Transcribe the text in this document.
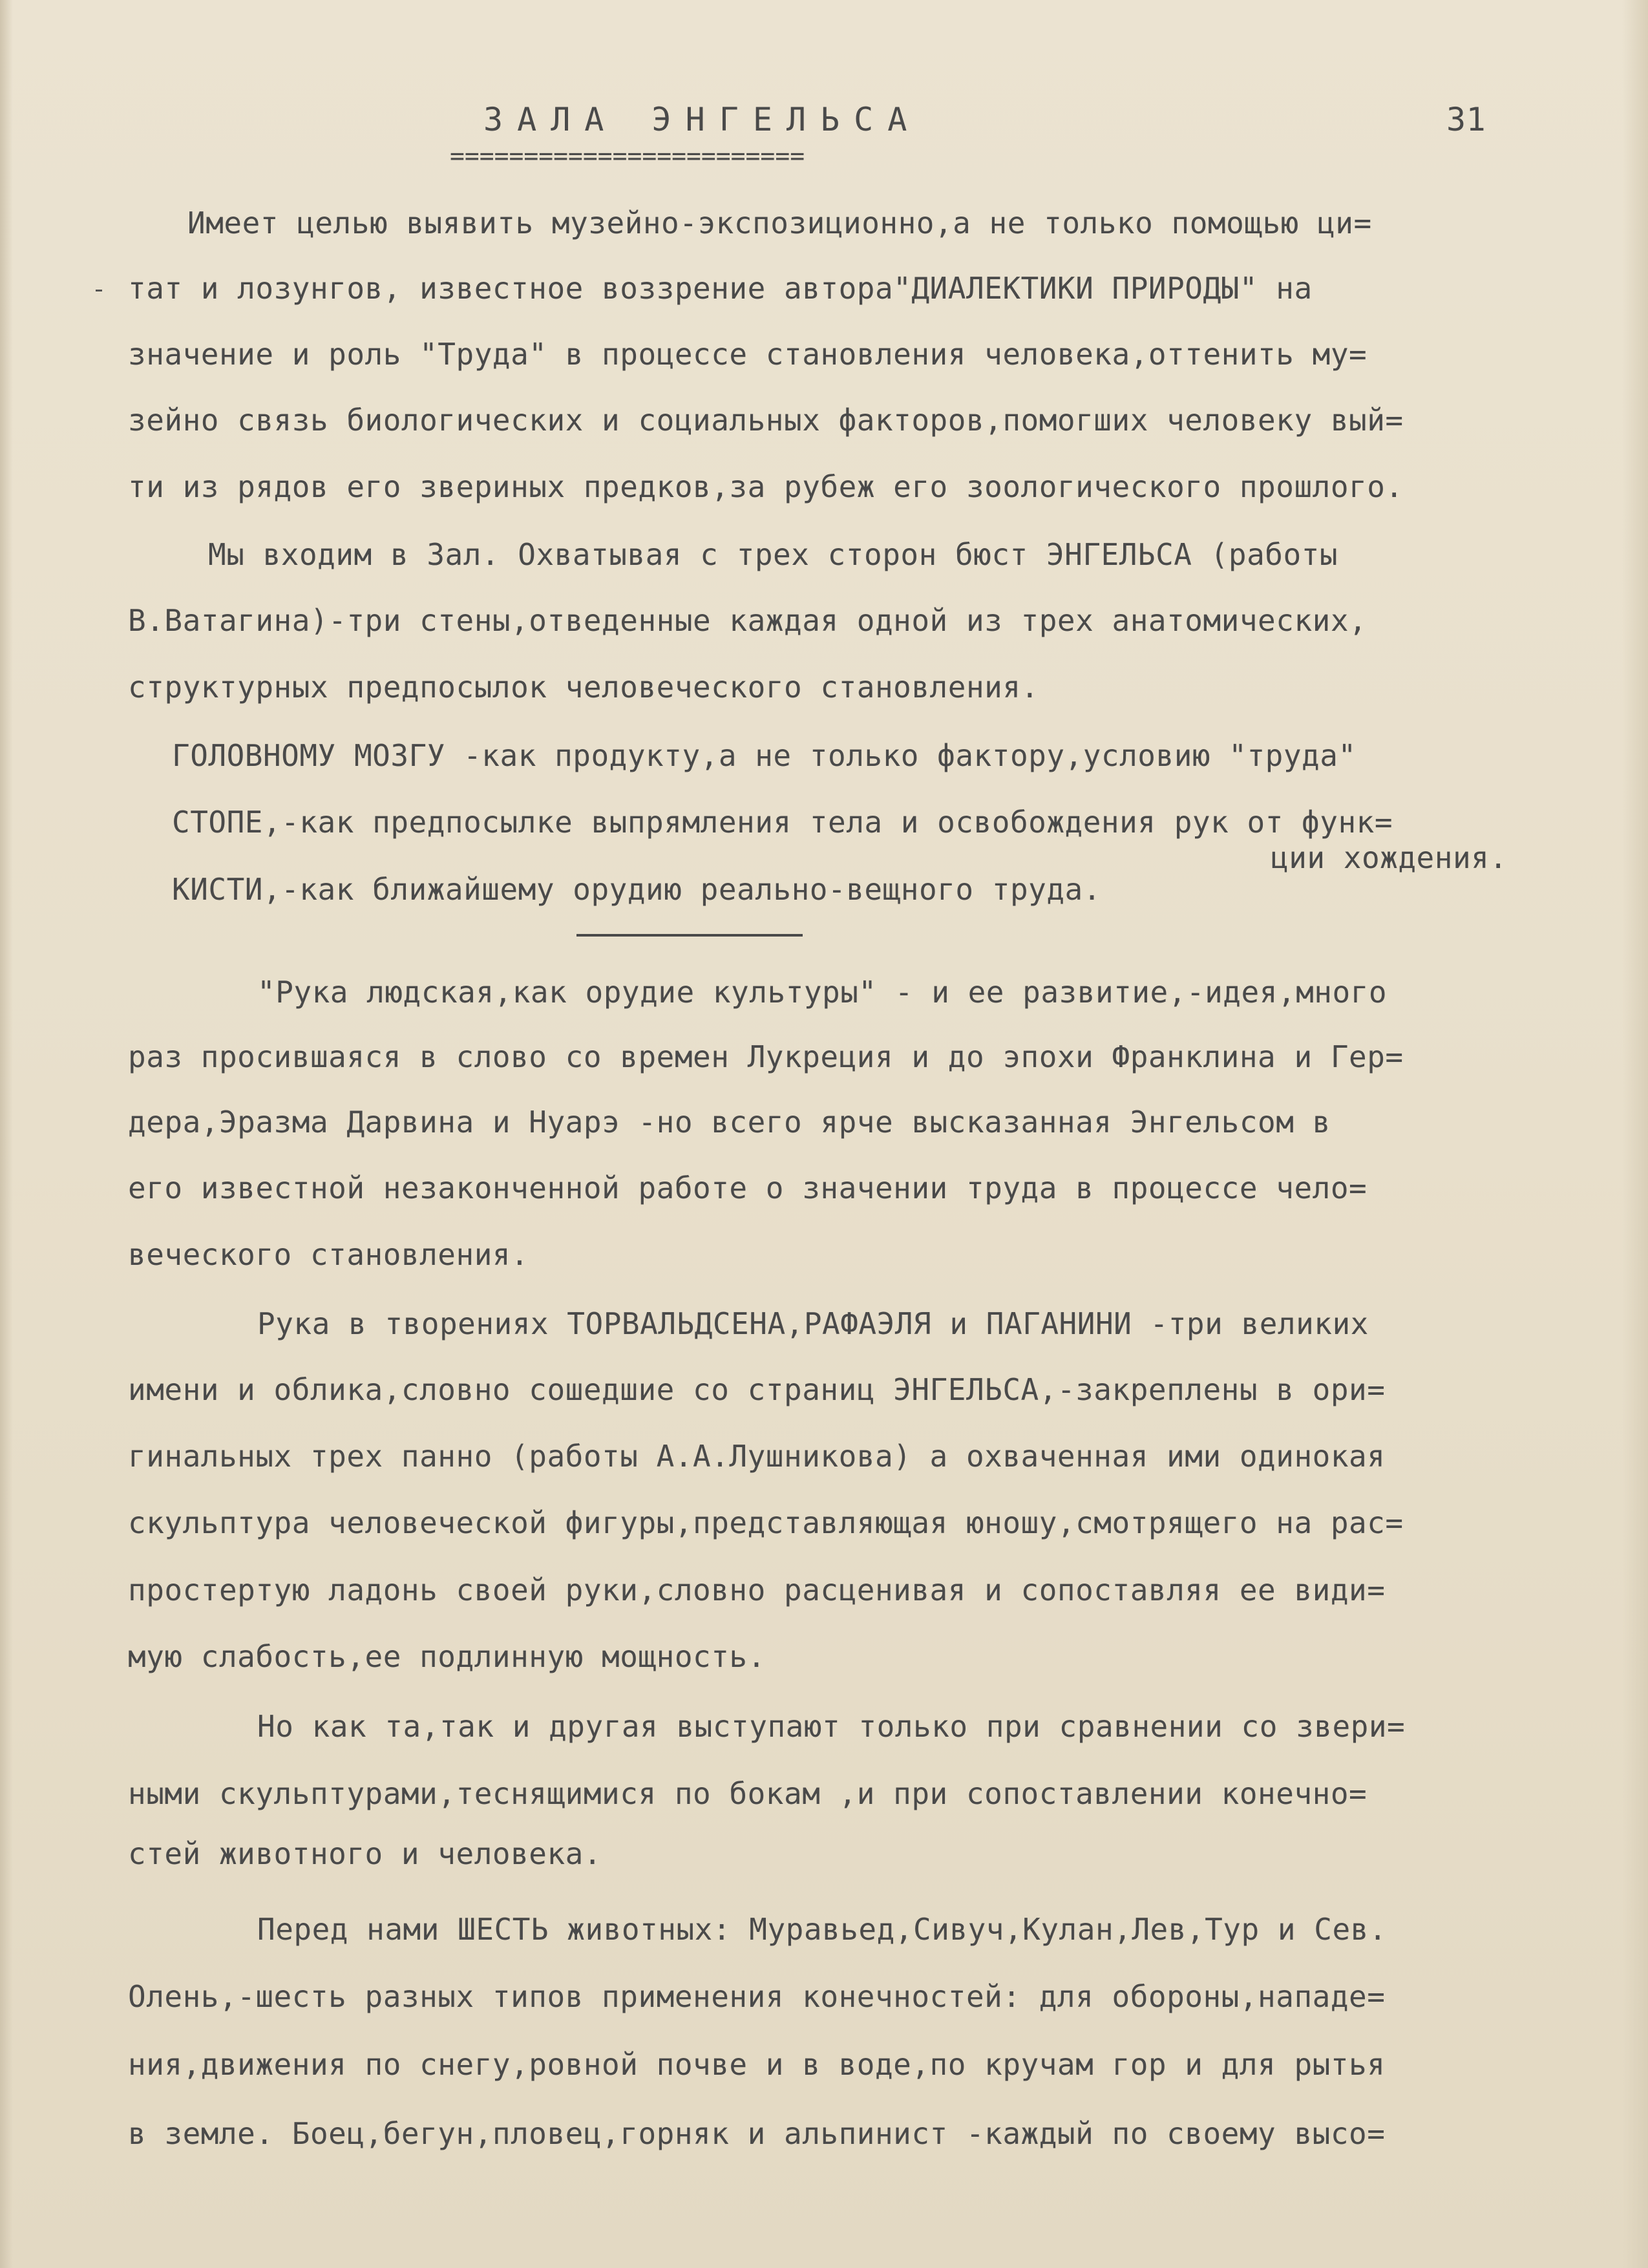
ЗАЛА ЭНГЕЛЬСА
========================
31
Имеет целью выявить музейно-экспозиционно,а не только помощью ци=
тат и лозунгов, известное воззрение автора"ДИАЛЕКТИКИ ПРИРОДЫ" на
значение и роль "Труда" в процессе становления человека,оттенить му=
зейно связь биологических и социальных факторов,помогших человеку вый=
ти из рядов его звериных предков,за рубеж его зоологического прошлого.
Мы входим в Зал. Охватывая с трех сторон бюст ЭНГЕЛЬСА (работы
В.Ватагина)-три стены,отведенные каждая одной из трех анатомических,
структурных предпосылок человеческого становления.
ГОЛОВНОМУ МОЗГУ -как продукту,а не только фактору,условию "труда"
СТОПЕ,-как предпосылке выпрямления тела и освобождения рук от функ=
ции хождения.
КИСТИ,-как ближайшему орудию реально-вещного труда.
"Рука людская,как орудие культуры" - и ее развитие,-идея,много
раз просившаяся в слово со времен Лукреция и до эпохи Франклина и Гер=
дера,Эразма Дарвина и Нуарэ -но всего ярче высказанная Энгельсом в
его известной незаконченной работе о значении труда в процессе чело=
веческого становления.
Рука в творениях ТОРВАЛЬДСЕНА,РАФАЭЛЯ и ПАГАНИНИ -три великих
имени и облика,словно сошедшие со страниц ЭНГЕЛЬСА,-закреплены в ори=
гинальных трех панно (работы А.А.Лушникова) а охваченная ими одинокая
скульптура человеческой фигуры,представляющая юношу,смотрящего на рас=
простертую ладонь своей руки,словно расценивая и сопоставляя ее види=
мую слабость,ее подлинную мощность.
Но как та,так и другая выступают только при сравнении со звери=
ными скульптурами,теснящимися по бокам ,и при сопоставлении конечно=
стей животного и человека.
Перед нами ШЕСТЬ животных: Муравьед,Сивуч,Кулан,Лев,Тур и Сев.
Олень,-шесть разных типов применения конечностей: для обороны,нападе=
ния,движения по снегу,ровной почве и в воде,по кручам гор и для рытья
в земле. Боец,бегун,пловец,горняк и альпинист -каждый по своему высо=
